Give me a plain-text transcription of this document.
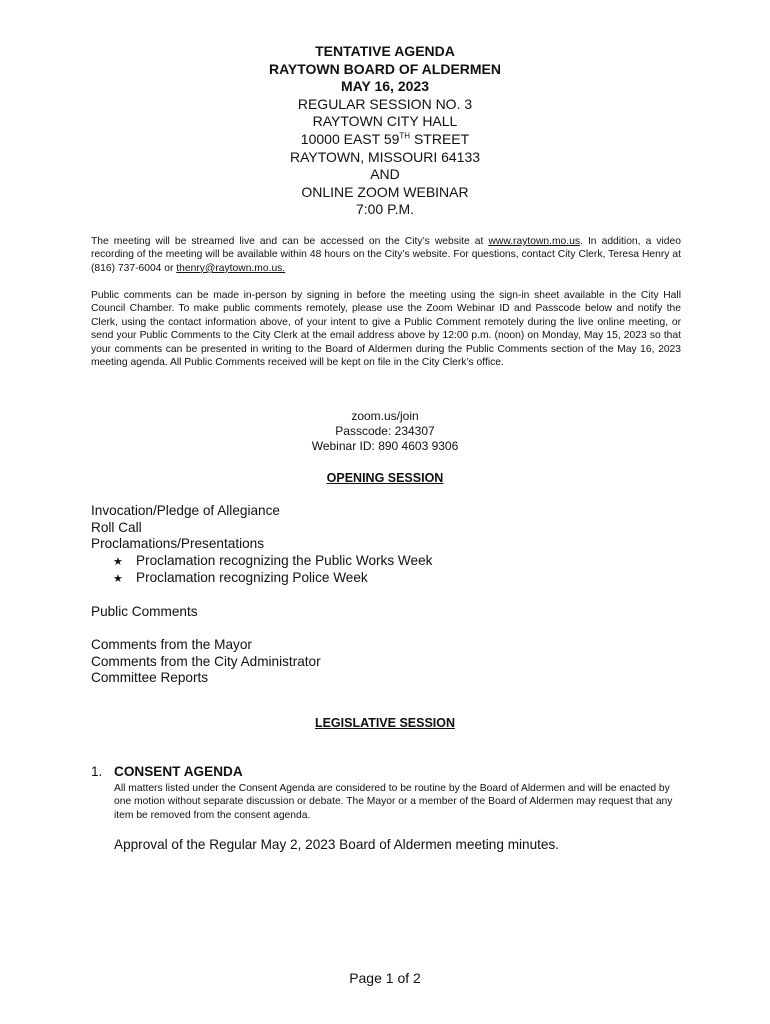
TENTATIVE AGENDA
RAYTOWN BOARD OF ALDERMEN
MAY 16, 2023
REGULAR SESSION NO. 3
RAYTOWN CITY HALL
10000 EAST 59TH STREET
RAYTOWN, MISSOURI 64133
AND
ONLINE ZOOM WEBINAR
7:00 P.M.
The meeting will be streamed live and can be accessed on the City’s website at www.raytown.mo.us. In addition, a video recording of the meeting will be available within 48 hours on the City’s website. For questions, contact City Clerk, Teresa Henry at (816) 737-6004 or thenry@raytown.mo.us.
Public comments can be made in-person by signing in before the meeting using the sign-in sheet available in the City Hall Council Chamber. To make public comments remotely, please use the Zoom Webinar ID and Passcode below and notify the Clerk, using the contact information above, of your intent to give a Public Comment remotely during the live online meeting, or send your Public Comments to the City Clerk at the email address above by 12:00 p.m. (noon) on Monday, May 15, 2023 so that your comments can be presented in writing to the Board of Aldermen during the Public Comments section of the May 16, 2023 meeting agenda. All Public Comments received will be kept on file in the City Clerk’s office.
zoom.us/join
Passcode: 234307
Webinar ID: 890 4603 9306
OPENING SESSION
Invocation/Pledge of Allegiance
Roll Call
Proclamations/Presentations
★ Proclamation recognizing the Public Works Week
★ Proclamation recognizing Police Week
Public Comments
Comments from the Mayor
Comments from the City Administrator
Committee Reports
LEGISLATIVE SESSION
1. CONSENT AGENDA
All matters listed under the Consent Agenda are considered to be routine by the Board of Aldermen and will be enacted by one motion without separate discussion or debate. The Mayor or a member of the Board of Aldermen may request that any item be removed from the consent agenda.
Approval of the Regular May 2, 2023 Board of Aldermen meeting minutes.
Page 1 of 2
